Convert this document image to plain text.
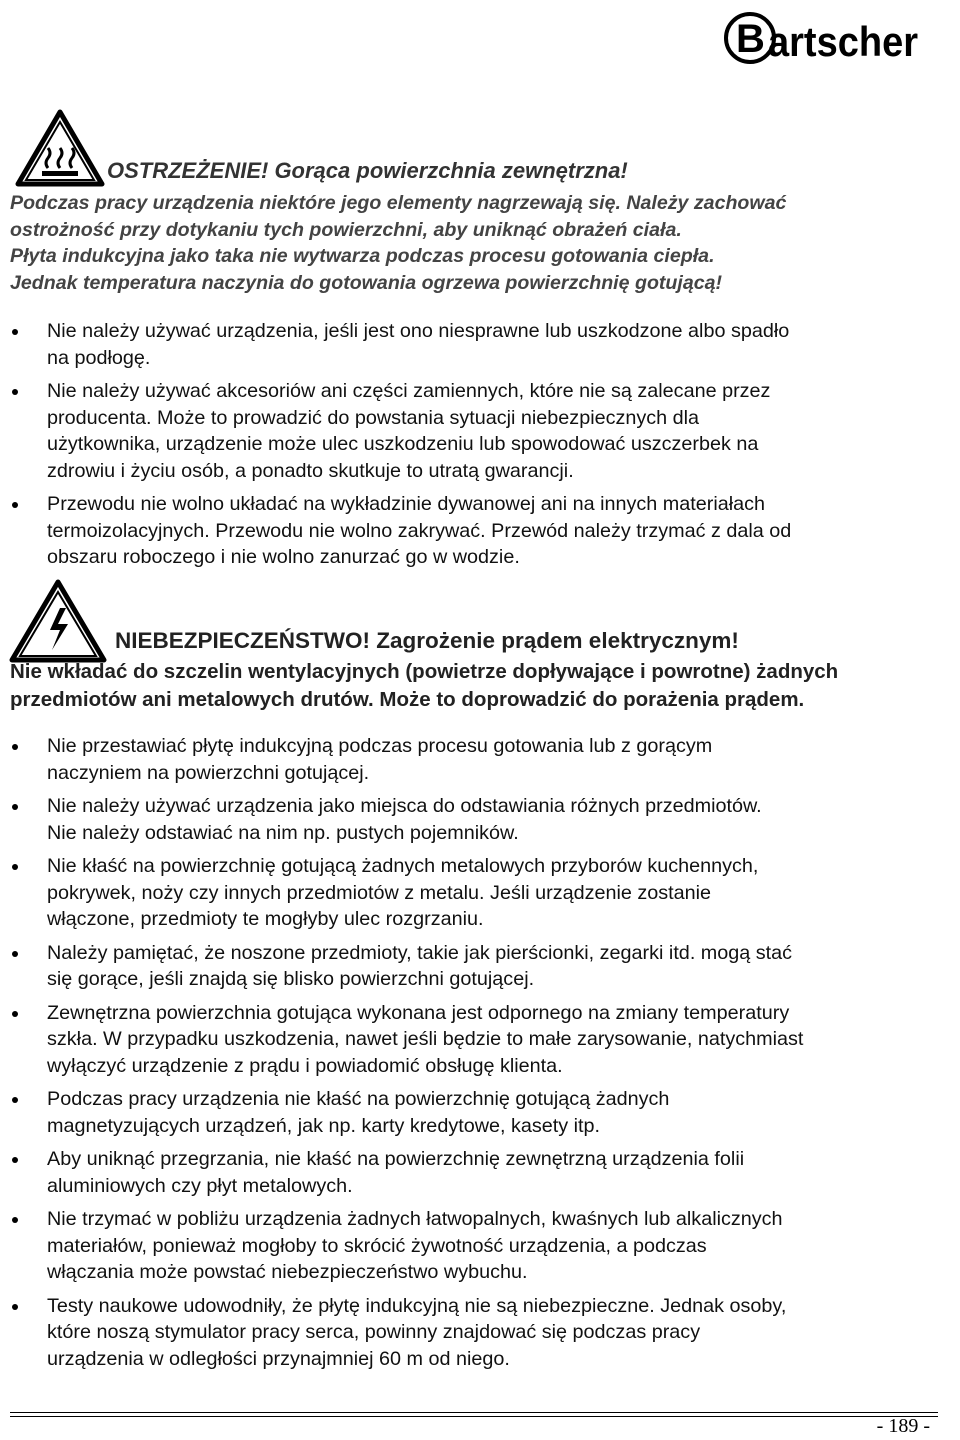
B artscher
OSTRZEŻENIE! Gorąca powierzchnia zewnętrzna!
Podczas pracy urządzenia niektóre jego elementy nagrzewają się. Należy zachować
ostrożność przy dotykaniu tych powierzchni, aby uniknąć obrażeń ciała.
Płyta indukcyjna jako taka nie wytwarza podczas procesu gotowania ciepła.
Jednak temperatura naczynia do gotowania ogrzewa powierzchnię gotującą!
Nie należy używać urządzenia, jeśli jest ono niesprawne lub uszkodzone albo spadło
na podłogę.
Nie należy używać akcesoriów ani części zamiennych, które nie są zalecane przez
producenta. Może to prowadzić do powstania sytuacji niebezpiecznych dla
użytkownika, urządzenie może ulec uszkodzeniu lub spowodować uszczerbek na
zdrowiu i życiu osób, a ponadto skutkuje to utratą gwarancji.
Przewodu nie wolno układać na wykładzinie dywanowej ani na innych materiałach
termoizolacyjnych. Przewodu nie wolno zakrywać. Przewód należy trzymać z dala od
obszaru roboczego i nie wolno zanurzać go w wodzie.
NIEBEZPIECZEŃSTWO! Zagrożenie prądem elektrycznym!
Nie wkładać do szczelin wentylacyjnych (powietrze dopływające i powrotne) żadnych
przedmiotów ani metalowych drutów. Może to doprowadzić do porażenia prądem.
Nie przestawiać płytę indukcyjną podczas procesu gotowania lub z gorącym
naczyniem na powierzchni gotującej.
Nie należy używać urządzenia jako miejsca do odstawiania różnych przedmiotów.
Nie należy odstawiać na nim np. pustych pojemników.
Nie kłaść na powierzchnię gotującą żadnych metalowych przyborów kuchennych,
pokrywek, noży czy innych przedmiotów z metalu. Jeśli urządzenie zostanie
włączone, przedmioty te mogłyby ulec rozgrzaniu.
Należy pamiętać, że noszone przedmioty, takie jak pierścionki, zegarki itd. mogą stać
się gorące, jeśli znajdą się blisko powierzchni gotującej.
Zewnętrzna powierzchnia gotująca wykonana jest odpornego na zmiany temperatury
szkła. W przypadku uszkodzenia, nawet jeśli będzie to małe zarysowanie, natychmiast
wyłączyć urządzenie z prądu i powiadomić obsługę klienta.
Podczas pracy urządzenia nie kłaść na powierzchnię gotującą żadnych
magnetyzujących urządzeń, jak np. karty kredytowe, kasety itp.
Aby uniknąć przegrzania, nie kłaść na powierzchnię zewnętrzną urządzenia folii
aluminiowych czy płyt metalowych.
Nie trzymać w pobliżu urządzenia żadnych łatwopalnych, kwaśnych lub alkalicznych
materiałów, ponieważ mogłoby to skrócić żywotność urządzenia, a podczas
włączania może powstać niebezpieczeństwo wybuchu.
Testy naukowe udowodniły, że płytę indukcyjną nie są niebezpieczne. Jednak osoby,
które noszą stymulator pracy serca, powinny znajdować się podczas pracy
urządzenia w odległości przynajmniej 60 m od niego.
- 189 -
